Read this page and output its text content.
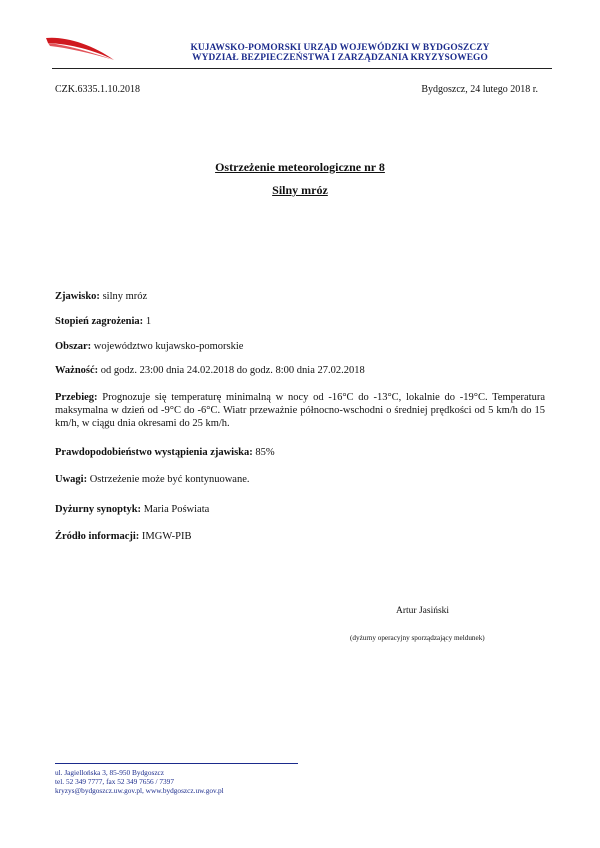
KUJAWSKO-POMORSKI URZĄD WOJEWÓDZKI W BYDGOSZCZY
WYDZIAŁ BEZPIECZEŃSTWA I ZARZĄDZANIA KRYZYSOWEGO
CZK.6335.1.10.2018	Bydgoszcz, 24 lutego 2018 r.
Ostrzeżenie meteorologiczne nr 8
Silny mróz
Zjawisko: silny mróz
Stopień zagrożenia: 1
Obszar: województwo kujawsko-pomorskie
Ważność: od godz. 23:00 dnia 24.02.2018 do godz. 8:00 dnia 27.02.2018
Przebieg: Prognozuje się temperaturę minimalną w nocy od -16°C do -13°C, lokalnie do -19°C. Temperatura maksymalna w dzień od -9°C do -6°C. Wiatr przeważnie północno-wschodni o średniej prędkości od 5 km/h do 15 km/h, w ciągu dnia okresami do 25 km/h.
Prawdopodobieństwo wystąpienia zjawiska: 85%
Uwagi: Ostrzeżenie może być kontynuowane.
Dyżurny synoptyk: Maria Poświata
Źródło informacji: IMGW-PIB
Artur Jasiński
(dyżurny operacyjny sporządzający meldunek)
ul. Jagiellońska 3, 85-950 Bydgoszcz
tel. 52 349 7777, fax 52 349 7656 / 7397
kryzys@bydgoszcz.uw.gov.pl, www.bydgoszcz.uw.gov.pl
